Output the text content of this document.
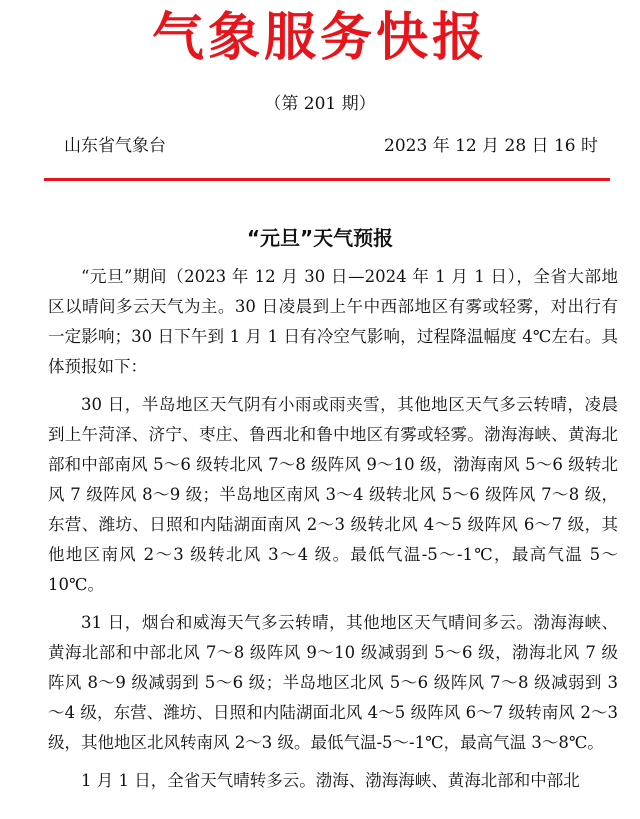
气象服务快报
（第 201 期）
山东省气象台	2023 年 12 月 28 日 16 时
“元旦”天气预报

“元旦”期间（2023 年 12 月 30 日—2024 年 1 月 1 日），全省大部地区以晴间多云天气为主。30 日凌晨到上午中西部地区有雾或轻雾，对出行有一定影响；30 日下午到 1 月 1 日有冷空气影响，过程降温幅度 4℃左右。具体预报如下：

30 日，半岛地区天气阴有小雨或雨夹雪，其他地区天气多云转晴，凌晨到上午菏泽、济宁、枣庄、鲁西北和鲁中地区有雾或轻雾。渤海海峡、黄海北部和中部南风 5～6 级转北风 7～8 级阵风 9～10 级，渤海南风 5～6 级转北风 7 级阵风 8～9 级；半岛地区南风 3～4 级转北风 5～6 级阵风 7～8 级，东营、潍坊、日照和内陆湖面南风 2～3 级转北风 4～5 级阵风 6～7 级，其他地区南风 2～3 级转北风 3～4 级。最低气温-5～-1℃，最高气温 5～10℃。

31 日，烟台和威海天气多云转晴，其他地区天气晴间多云。渤海海峡、黄海北部和中部北风 7～8 级阵风 9～10 级减弱到 5～6 级，渤海北风 7 级阵风 8～9 级减弱到 5～6 级；半岛地区北风 5～6 级阵风 7～8 级减弱到 3～4 级，东营、潍坊、日照和内陆湖面北风 4～5 级阵风 6～7 级转南风 2～3 级，其他地区北风转南风 2～3 级。最低气温-5～-1℃，最高气温 3～8℃。

1 月 1 日，全省天气晴转多云。渤海、渤海海峡、黄海北部和中部北
